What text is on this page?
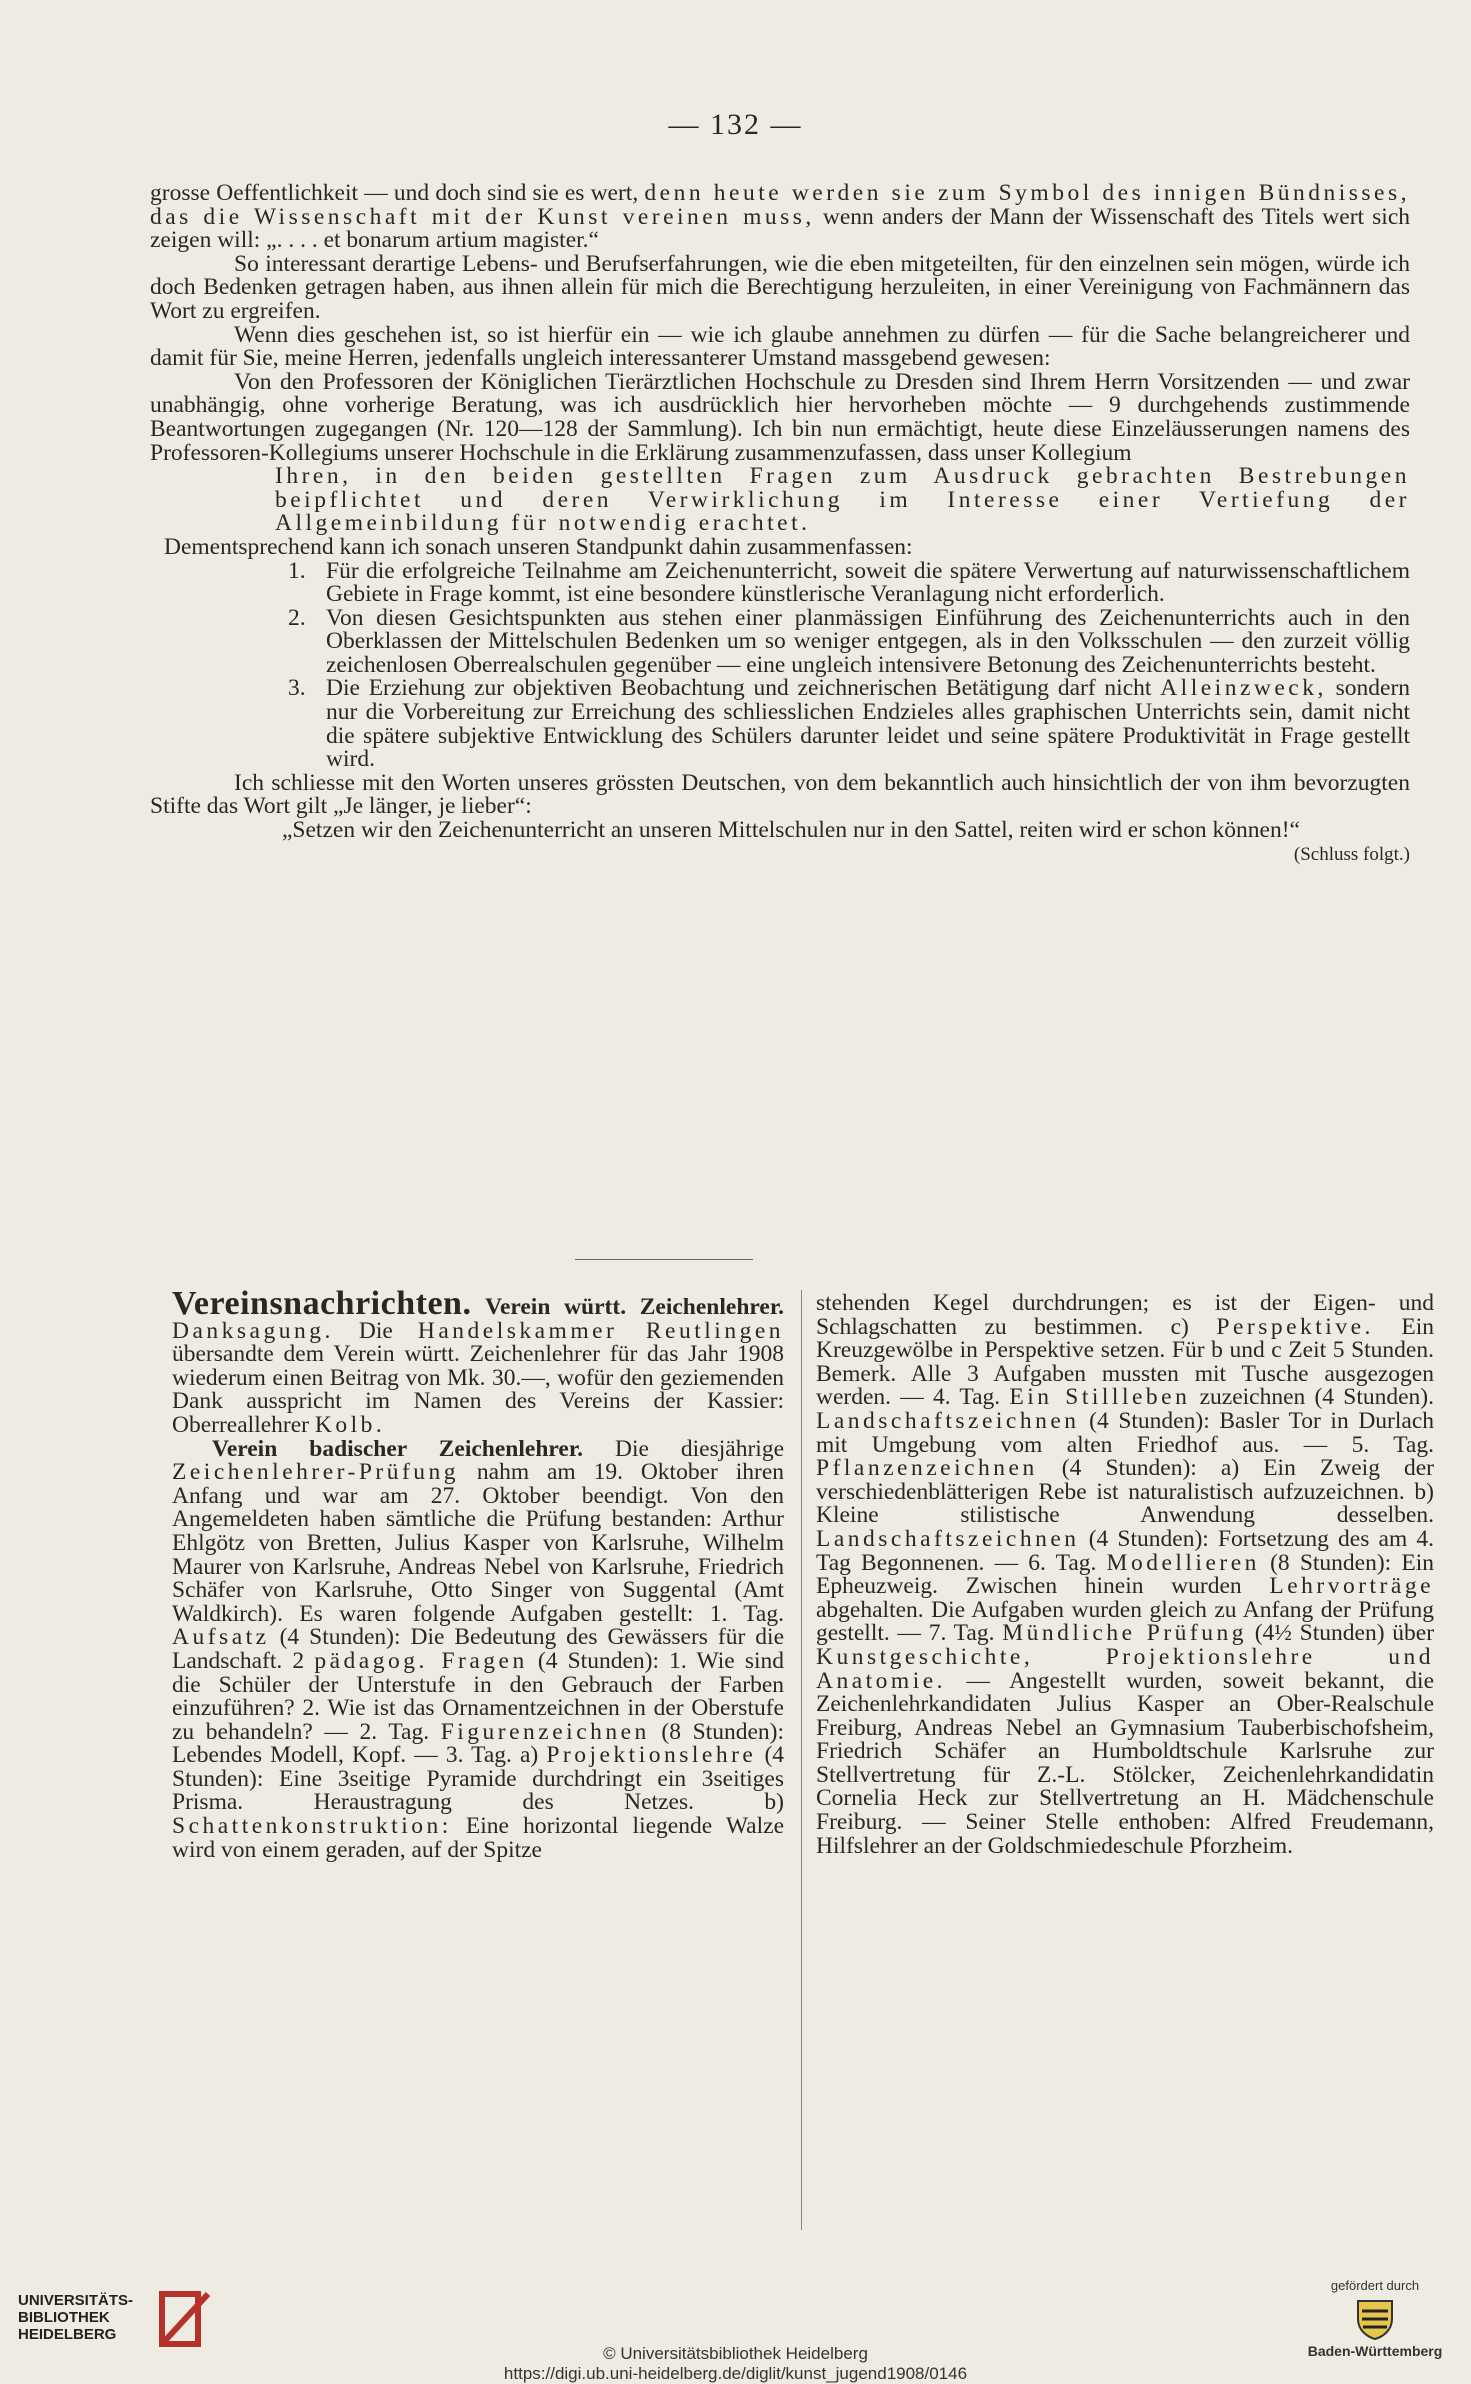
— 132 —

grosse Oeffentlichkeit — und doch sind sie es wert, denn heute werden sie zum Symbol des innigen Bündnisses, das die Wissenschaft mit der Kunst vereinen muss, wenn anders der Mann der Wissenschaft des Titels wert sich zeigen will: „. . . . et bonarum artium magister.“

So interessant derartige Lebens- und Berufserfahrungen, wie die eben mitgeteilten, für den einzelnen sein mögen, würde ich doch Bedenken getragen haben, aus ihnen allein für mich die Berechtigung herzuleiten, in einer Vereinigung von Fachmännern das Wort zu ergreifen.

Wenn dies geschehen ist, so ist hierfür ein — wie ich glaube annehmen zu dürfen — für die Sache belangreicherer und damit für Sie, meine Herren, jedenfalls ungleich interessanterer Umstand massgebend gewesen:

Von den Professoren der Königlichen Tierärztlichen Hochschule zu Dresden sind Ihrem Herrn Vorsitzenden — und zwar unabhängig, ohne vorherige Beratung, was ich ausdrücklich hier hervorheben möchte — 9 durchgehends zustimmende Beantwortungen zugegangen (Nr. 120—128 der Sammlung). Ich bin nun ermächtigt, heute diese Einzeläusserungen namens des Professoren-Kollegiums unserer Hochschule in die Erklärung zusammenzufassen, dass unser Kollegium

Ihren, in den beiden gestellten Fragen zum Ausdruck gebrachten Bestrebungen beipflichtet und deren Verwirklichung im Interesse einer Vertiefung der Allgemeinbildung für notwendig erachtet.

Dementsprechend kann ich sonach unseren Standpunkt dahin zusammenfassen:

1. Für die erfolgreiche Teilnahme am Zeichenunterricht, soweit die spätere Verwertung auf naturwissenschaftlichem Gebiete in Frage kommt, ist eine besondere künstlerische Veranlagung nicht erforderlich.
2. Von diesen Gesichtspunkten aus stehen einer planmässigen Einführung des Zeichenunterrichts auch in den Oberklassen der Mittelschulen Bedenken um so weniger entgegen, als in den Volksschulen — den zurzeit völlig zeichenlosen Oberrealschulen gegenüber — eine ungleich intensivere Betonung des Zeichenunterrichts besteht.
3. Die Erziehung zur objektiven Beobachtung und zeichnerischen Betätigung darf nicht Alleinzweck, sondern nur die Vorbereitung zur Erreichung des schliesslichen Endzieles alles graphischen Unterrichts sein, damit nicht die spätere subjektive Entwicklung des Schülers darunter leidet und seine spätere Produktivität in Frage gestellt wird.

Ich schliesse mit den Worten unseres grössten Deutschen, von dem bekanntlich auch hinsichtlich der von ihm bevorzugten Stifte das Wort gilt „Je länger, je lieber“:

„Setzen wir den Zeichenunterricht an unseren Mittelschulen nur in den Sattel, reiten wird er schon können!“

(Schluss folgt.)

Vereinsnachrichten. Verein württ. Zeichenlehrer. Danksagung. Die Handelskammer Reutlingen übersandte dem Verein württ. Zeichenlehrer für das Jahr 1908 wiederum einen Beitrag von Mk. 30.—, wofür den geziemenden Dank ausspricht im Namen des Vereins der Kassier: Oberreallehrer Kolb.

Verein badischer Zeichenlehrer. Die diesjährige Zeichenlehrer-Prüfung nahm am 19. Oktober ihren Anfang und war am 27. Oktober beendigt. Von den Angemeldeten haben sämtliche die Prüfung bestanden: Arthur Ehlgötz von Bretten, Julius Kasper von Karlsruhe, Wilhelm Maurer von Karlsruhe, Andreas Nebel von Karlsruhe, Friedrich Schäfer von Karlsruhe, Otto Singer von Suggental (Amt Waldkirch). Es waren folgende Aufgaben gestellt: 1. Tag. Aufsatz (4 Stunden): Die Bedeutung des Gewässers für die Landschaft. 2 pädagog. Fragen (4 Stunden): 1. Wie sind die Schüler der Unterstufe in den Gebrauch der Farben einzuführen? 2. Wie ist das Ornamentzeichnen in der Oberstufe zu behandeln? — 2. Tag. Figurenzeichnen (8 Stunden): Lebendes Modell, Kopf. — 3. Tag. a) Projektionslehre (4 Stunden): Eine 3seitige Pyramide durchdringt ein 3seitiges Prisma. Heraustragung des Netzes. b) Schattenkonstruktion: Eine horizontal liegende Walze wird von einem geraden, auf der Spitze

stehenden Kegel durchdrungen; es ist der Eigen- und Schlagschatten zu bestimmen. c) Perspektive. Ein Kreuzgewölbe in Perspektive setzen. Für b und c Zeit 5 Stunden. Bemerk. Alle 3 Aufgaben mussten mit Tusche ausgezogen werden. — 4. Tag. Ein Stillleben zuzeichnen (4 Stunden). Landschaftszeichnen (4 Stunden): Basler Tor in Durlach mit Umgebung vom alten Friedhof aus. — 5. Tag. Pflanzenzeichnen (4 Stunden): a) Ein Zweig der verschiedenblätterigen Rebe ist naturalistisch aufzuzeichnen. b) Kleine stilistische Anwendung desselben. Landschaftszeichnen (4 Stunden): Fortsetzung des am 4. Tag Begonnenen. — 6. Tag. Modellieren (8 Stunden): Ein Epheuzweig. Zwischen hinein wurden Lehrvorträge abgehalten. Die Aufgaben wurden gleich zu Anfang der Prüfung gestellt. — 7. Tag. Mündliche Prüfung (4½ Stunden) über Kunstgeschichte, Projektionslehre und Anatomie. — Angestellt wurden, soweit bekannt, die Zeichenlehrkandidaten Julius Kasper an Ober-Realschule Freiburg, Andreas Nebel an Gymnasium Tauberbischofsheim, Friedrich Schäfer an Humboldtschule Karlsruhe zur Stellvertretung für Z.-L. Stölcker, Zeichenlehrkandidatin Cornelia Heck zur Stellvertretung an H. Mädchenschule Freiburg. — Seiner Stelle enthoben: Alfred Freudemann, Hilfslehrer an der Goldschmiedeschule Pforzheim.

UNIVERSITÄTS-
BIBLIOTHEK
HEIDELBERG
© Universitätsbibliothek Heidelberg
https://digi.ub.uni-heidelberg.de/diglit/kunst_jugend1908/0146
gefördert durch
Baden-Württemberg
